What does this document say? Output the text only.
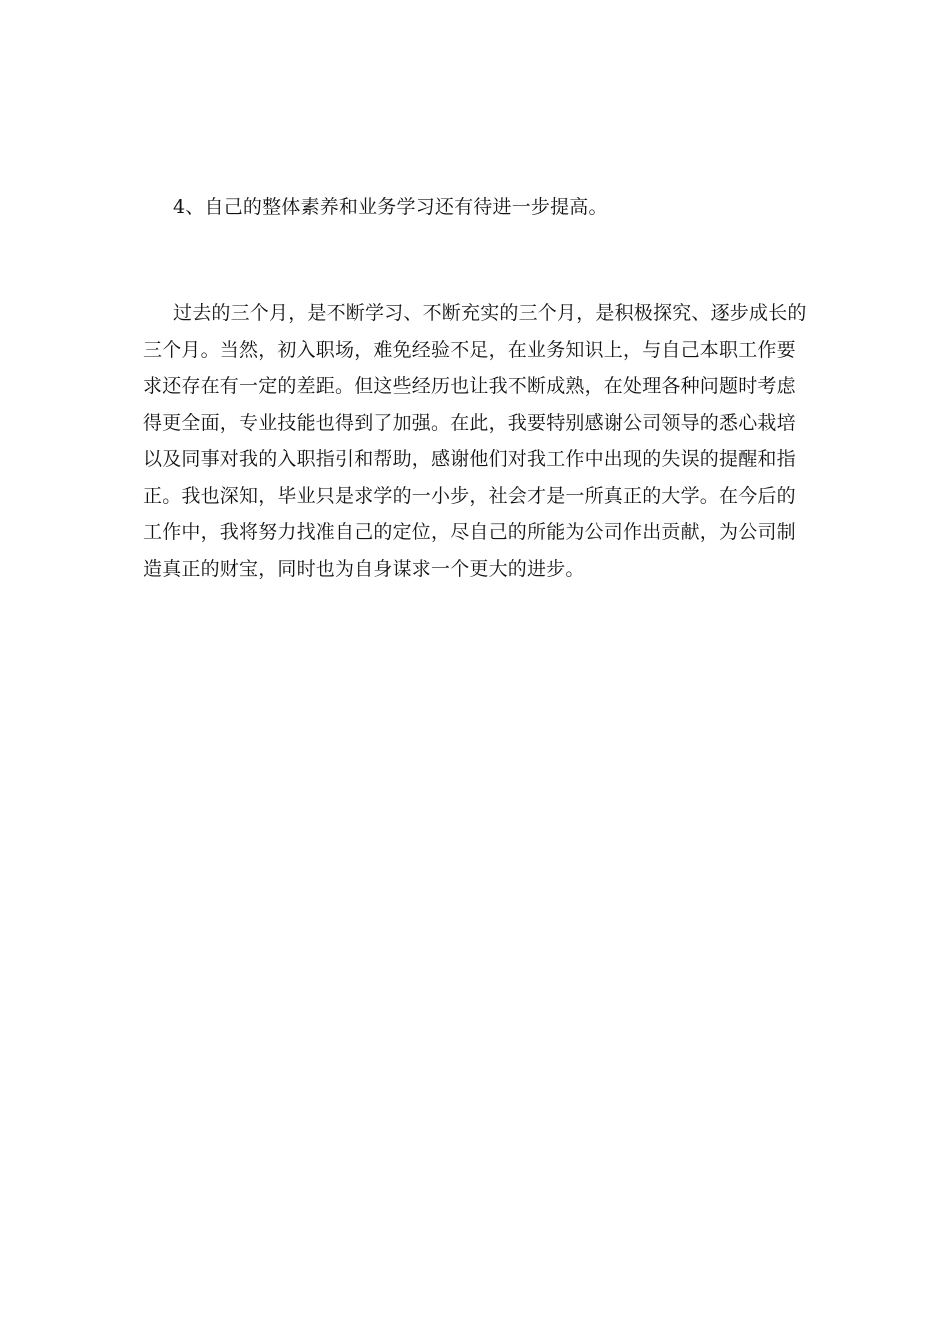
4、自己的整体素养和业务学习还有待进一步提高。
过去的三个月，是不断学习、不断充实的三个月，是积极探究、逐步成长的
三个月。当然，初入职场，难免经验不足，在业务知识上，与自己本职工作要
求还存在有一定的差距。但这些经历也让我不断成熟，在处理各种问题时考虑
得更全面，专业技能也得到了加强。在此，我要特别感谢公司领导的悉心栽培
以及同事对我的入职指引和帮助，感谢他们对我工作中出现的失误的提醒和指
正。我也深知，毕业只是求学的一小步，社会才是一所真正的大学。在今后的
工作中，我将努力找准自己的定位，尽自己的所能为公司作出贡献，为公司制
造真正的财宝，同时也为自身谋求一个更大的进步。
